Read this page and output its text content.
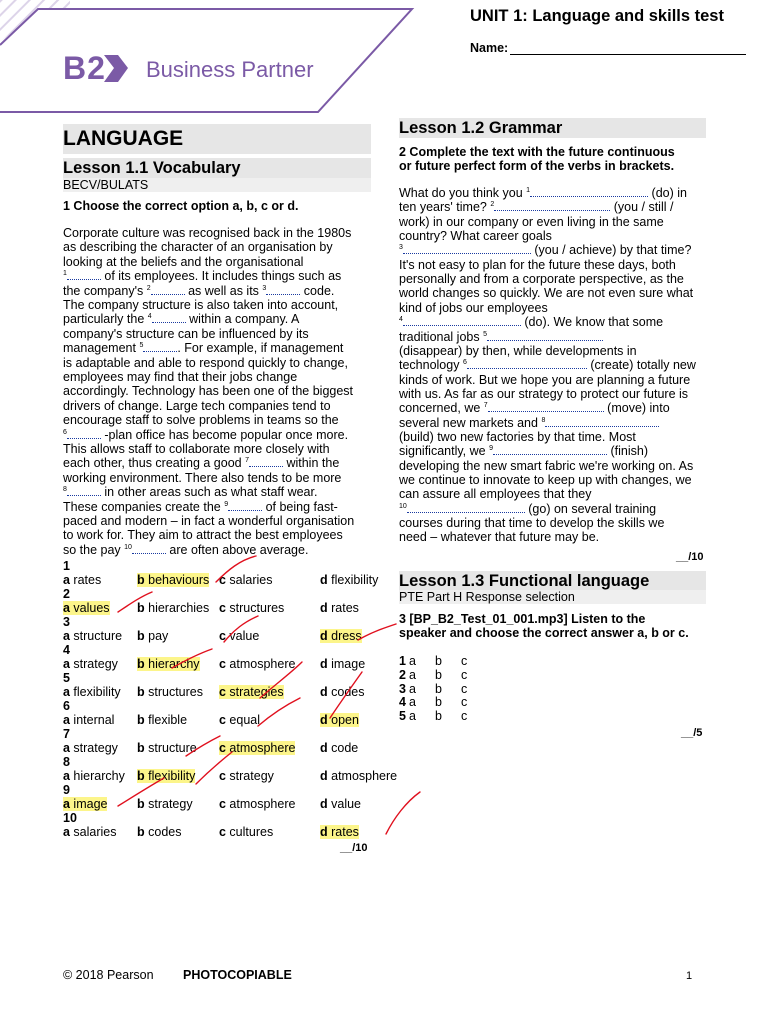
B2 Business Partner
UNIT 1: Language and skills test
Name:
LANGUAGE
Lesson 1.1 Vocabulary
BECV/BULATS
1 Choose the correct option a, b, c or d.
Corporate culture was recognised back in the 1980s
as describing the character of an organisation by
looking at the beliefs and the organisational
$^1$	of its employees. It includes things such as
the company's $^2$	as well as its $^3$	code.
The company structure is also taken into account,
particularly the $^4$	within a company. A
company's structure can be influenced by its
management $^5$	. For example, if management
is adaptable and able to respond quickly to change,
employees may find that their jobs change
accordingly. Technology has been one of the biggest
drivers of change. Large tech companies tend to
encourage staff to solve problems in teams so the
$^6$	-plan office has become popular once more.
This allows staff to collaborate more closely with
each other, thus creating a good $^7$	within the
working environment. There also tends to be more
$^8$	in other areas such as what staff wear.
These companies create the $^9$	of being fast-
paced and modern – in fact a wonderful organisation
to work for. They aim to attract the best employees
so the pay $^{10}$	are often above average.
1
a rates	b behaviours c salaries	d flexibility
2
a values b hierarchies c structures	d rates
3
a structure b pay	c value	d dress
4
a strategy b hierarchy c atmosphere d image
5
a flexibility b structures c strategies	d codes
6
a internal b flexible	c equal	d open
7
a strategy b structure c atmosphere d code
8
a hierarchy b flexibility c strategy	d atmosphere
9
a image b strategy c atmosphere d value
10
a salaries b codes	c cultures	d rates
__/10
Lesson 1.2 Grammar
2 Complete the text with the future continuous
or future perfect form of the verbs in brackets.
What do you think you $^1$	(do) in
ten years' time? $^2$	(you / still /
work) in our company or even living in the same
country? What career goals
$^3$	(you / achieve) by that time?
It's not easy to plan for the future these days, both
personally and from a corporate perspective, as the
world changes so quickly. We are not even sure what
kind of jobs our employees
$^4$	(do). We know that some
traditional jobs $^5$
(disappear) by then, while developments in
technology $^6$	(create) totally new
kinds of work. But we hope you are planning a future
with us. As far as our strategy to protect our future is
concerned, we $^7$	(move) into
several new markets and $^8$
(build) two new factories by that time. Most
significantly, we $^9$	(finish)
developing the new smart fabric we're working on. As
we continue to innovate to keep up with changes, we
can assure all employees that they
$^{10}$	(go) on several training
courses during that time to develop the skills we
need – whatever that future may be.
__/10
Lesson 1.3 Functional language
PTE Part H Response selection
3 [BP_B2_Test_01_001.mp3] Listen to the
speaker and choose the correct answer a, b or c.
1 a b c
2 a b c
3 a b c
4 a b c
5 a b c
__/5
© 2018 Pearson PHOTOCOPIABLE	1
